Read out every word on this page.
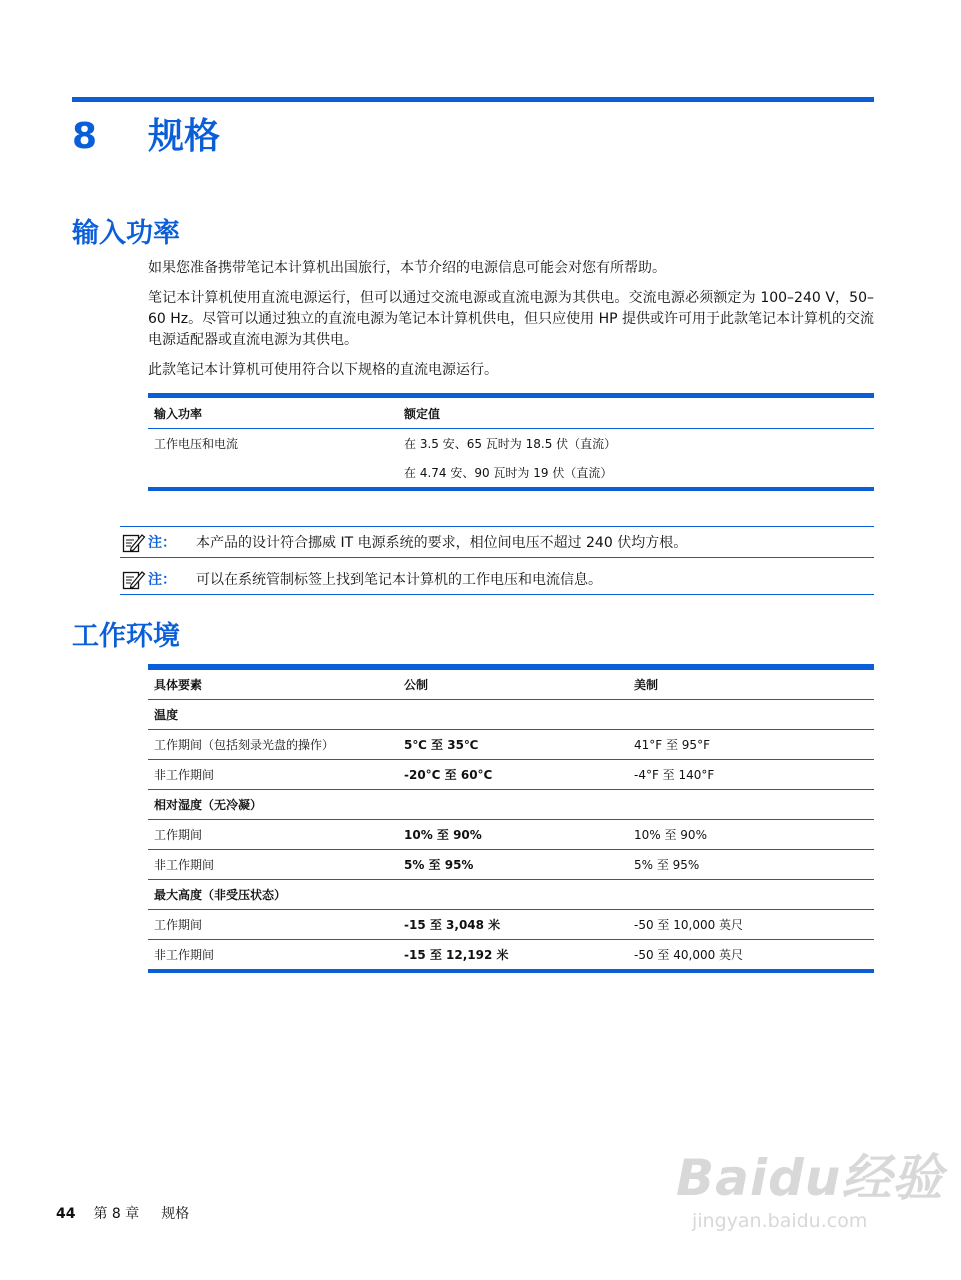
8 规格
输入功率

如果您准备携带笔记本计算机出国旅行，本节介绍的电源信息可能会对您有所帮助。

笔记本计算机使用直流电源运行，但可以通过交流电源或直流电源为其供电。交流电源必须额定为 100–240 V，50–60 Hz。尽管可以通过独立的直流电源为笔记本计算机供电，但只应使用 HP 提供或许可用于此款笔记本计算机的交流电源适配器或直流电源为其供电。

此款笔记本计算机可使用符合以下规格的直流电源运行。

输入功率	额定值
工作电压和电流	在 3.5 安、65 瓦时为 18.5 伏（直流）
	在 4.74 安、90 瓦时为 19 伏（直流）
注： 本产品的设计符合挪威 IT 电源系统的要求，相位间电压不超过 240 伏均方根。
注： 可以在系统管制标签上找到笔记本计算机的工作电压和电流信息。
工作环境
具体要素	公制	美制
温度		
工作期间（包括刻录光盘的操作）	5℃ 至 35℃	41°F 至 95°F
非工作期间	-20°C 至 60°C	-4°F 至 140°F
相对湿度（无冷凝）		
工作期间	10% 至 90%	10% 至 90%
非工作期间	5% 至 95%	5% 至 95%
最大高度（非受压状态）		
工作期间	-15 至 3,048 米	-50 至 10,000 英尺
非工作期间	-15 至 12,192 米	-50 至 40,000 英尺
44 第 8 章 规格
Baidu经验
jingyan.baidu.com
